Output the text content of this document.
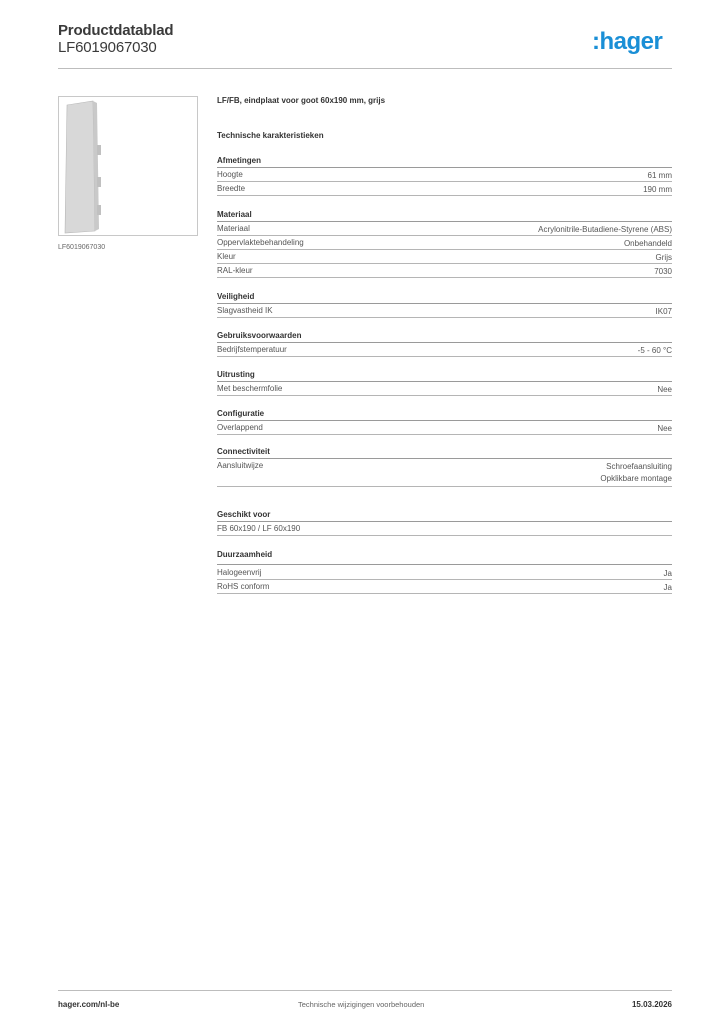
Productdatablad
LF6019067030	:hager
LF6019067030
LF/FB, eindplaat voor goot 60x190 mm, grijs
Technische karakteristieken
Afmetingen
Hoogte	61 mm
Breedte	190 mm
Materiaal
Materiaal	Acrylonitrile-Butadiene-Styrene (ABS)
Oppervlaktebehandeling	Onbehandeld
Kleur	Grijs
RAL-kleur	7030
Veiligheid
Slagvastheid IK	IK07
Gebruiksvoorwaarden
Bedrijfstemperatuur	-5 - 60 °C
Uitrusting
Met beschermfolie	Nee
Configuratie
Overlappend	Nee
Connectiviteit
Aansluitwijze	Schroefaansluiting
Opklikbare montage
Geschikt voor
FB 60x190 / LF 60x190
Duurzaamheid
Halogeenvrij	Ja
RoHS conform	Ja
hager.com/nl-be	Technische wijzigingen voorbehouden	15.03.2026
